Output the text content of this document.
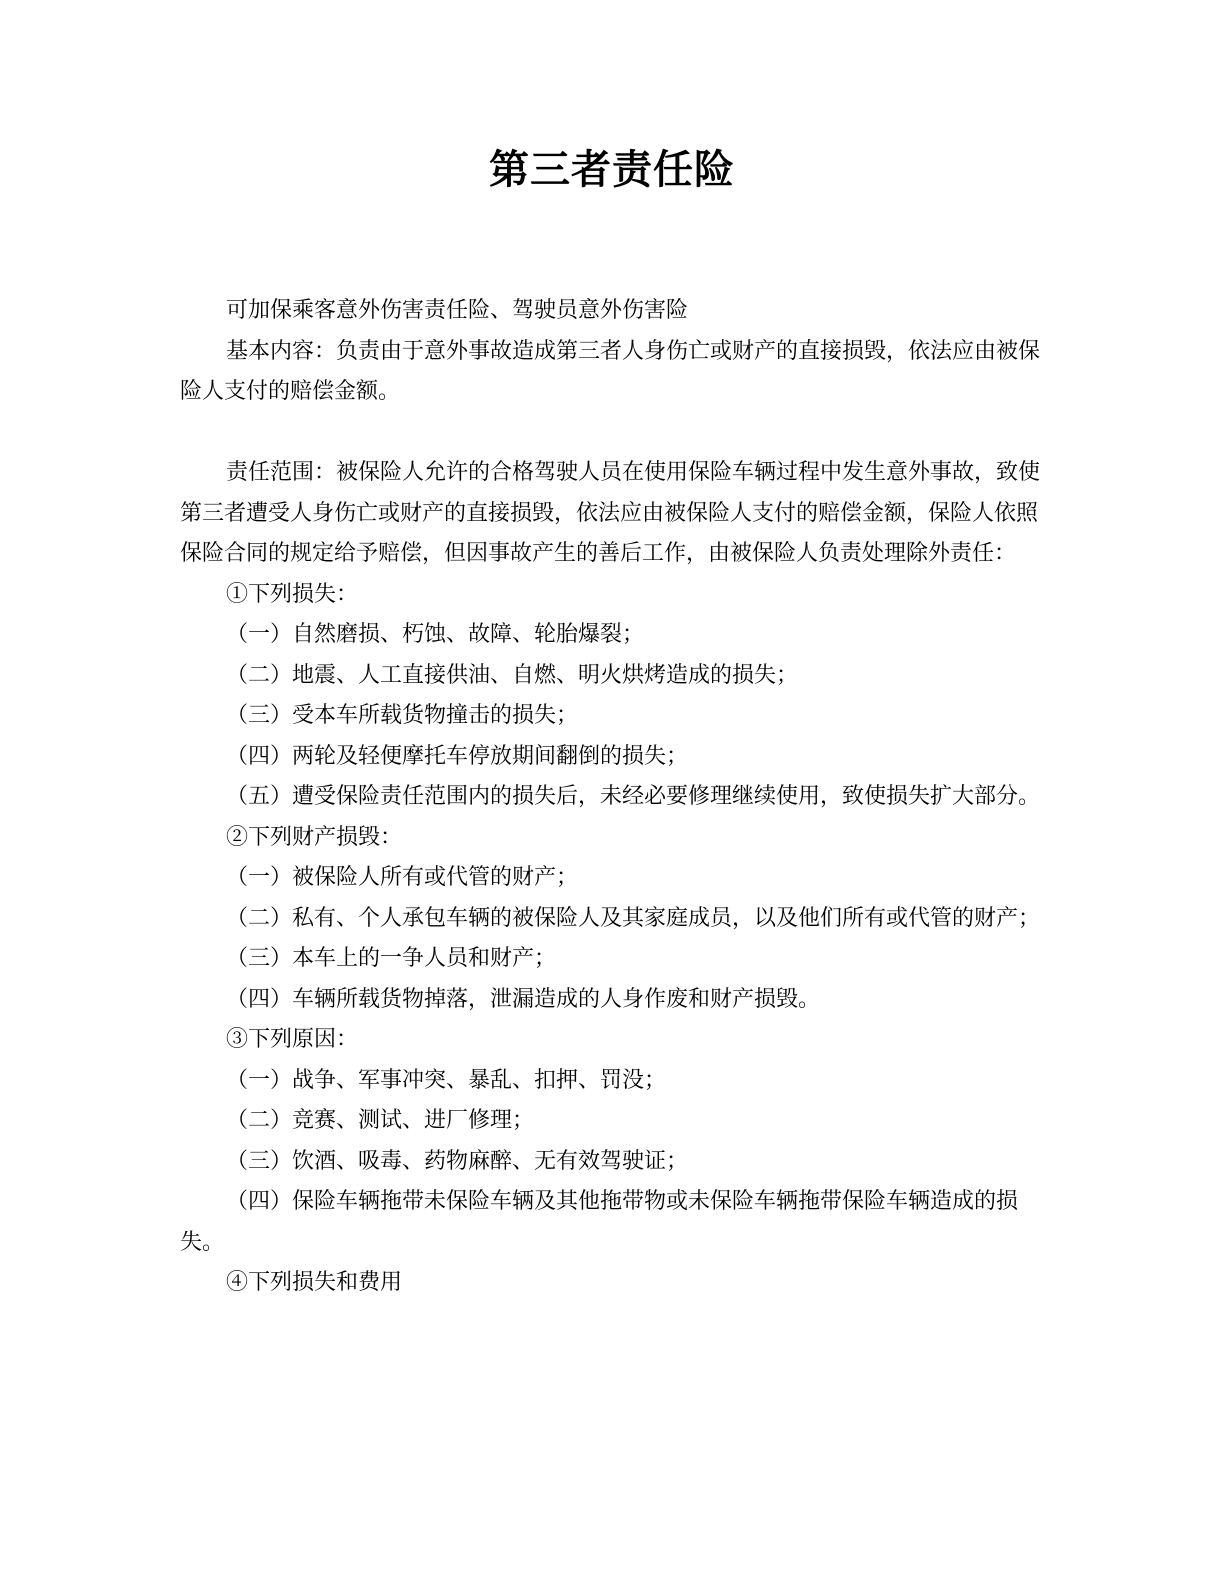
第三者责任险

可加保乘客意外伤害责任险、驾驶员意外伤害险

基本内容：负责由于意外事故造成第三者人身伤亡或财产的直接损毁，依法应由被保险人支付的赔偿金额。

责任范围：被保险人允许的合格驾驶人员在使用保险车辆过程中发生意外事故，致使第三者遭受人身伤亡或财产的直接损毁，依法应由被保险人支付的赔偿金额，保险人依照保险合同的规定给予赔偿，但因事故产生的善后工作，由被保险人负责处理除外责任：

①下列损失：

（一）自然磨损、朽蚀、故障、轮胎爆裂；

（二）地震、人工直接供油、自燃、明火烘烤造成的损失；

（三）受本车所载货物撞击的损失；

（四）两轮及轻便摩托车停放期间翻倒的损失；

（五）遭受保险责任范围内的损失后，未经必要修理继续使用，致使损失扩大部分。

②下列财产损毁：

（一）被保险人所有或代管的财产；

（二）私有、个人承包车辆的被保险人及其家庭成员，以及他们所有或代管的财产；

（三）本车上的一争人员和财产；

（四）车辆所载货物掉落，泄漏造成的人身作废和财产损毁。

③下列原因：

（一）战争、军事冲突、暴乱、扣押、罚没；

（二）竞赛、测试、进厂修理；

（三）饮酒、吸毒、药物麻醉、无有效驾驶证；

（四）保险车辆拖带未保险车辆及其他拖带物或未保险车辆拖带保险车辆造成的损失。

④下列损失和费用
